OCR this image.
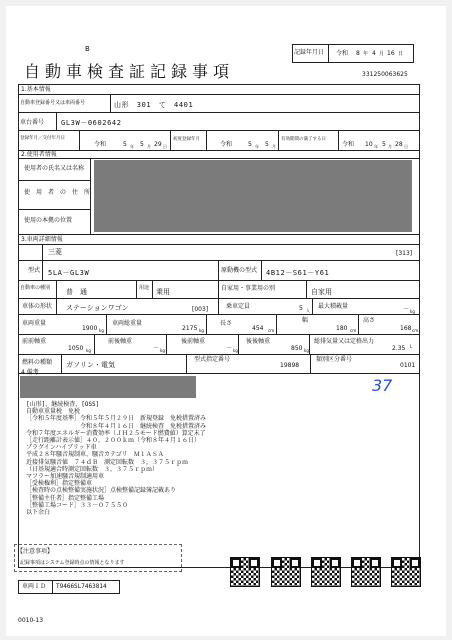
B
自動車検査証記録事項
記録年月日 令和 8 年 4 月 16 日
331250063625
1.基本情報
自動車登録番号又は車両番号	山形　301　て　4401
車台番号 GL3W－0602642
登録年月／交付年月日
令和	5 年 5 月 29 日
初度登録年月
令和	5 年 5 月
有効期間の満了する日
令和 10 年 5 月 28 日
2.使用者情報
使用者の氏名又は名称
使　用　者　の　住　所
使用の本拠の位置
3.車両詳細情報
三菱	[313]
型式 5LA－GL3W	原動機の型式 4B12－S61－Y61
自動車の種別 普　通	用途 乗用	自家用・事業用の別	自家用
車体の形状 ステーションワゴン	[003]	乗車定員	5 人
最大積載量	－ kg
車両重量
1900 kg
車両総重量
2175 kg
長さ
454 cm
幅
180 cm
高さ
168 cm
前前軸重
1050 kg
前後軸重
－ kg
後前軸重
－ kg
後後軸重
850 kg
総排気量又は定格出力
2.35 L
燃料の種類 ガソリン・電気
型式指定番号
19898
類別区分番号
0101
4.備考
37
[山形]、継続検査、[OSS]
自動車重量税　免税
［令和５年度基準］令和５年５月２９日　新規登録　免税措置済み
　　　　　　　　　令和８年４月１６日　継続検査　免税措置済み
令和７年度エネルギー消費効率（ＪＨ２５モード燃費値）算定未了
［走行距離計表示値］４０，２００ｋｍ（令和８年４月１６日）
プラグインハイブリッド車
平成２８年騒音規制車、騒音カテゴリ　Ｍ１ＡＳＡ
近接排気騒音値　７４ｄＢ　測定回転数　３，３７５ｒｐｍ
（日基規適合時測定回転数　３，３７５ｒｐｍ）
マフラー加速騒音規制適用車
［受検権利］指定整備車
［検査時の点検整備実施状況］点検整備記録簿記載あり
［整備主任者］指定整備工場
［整備工場コード］３３－０７５５０
以下余白
【注意事項】
記録事項はシステム登録時点の情報となります
車両ＩＤ T9466SL7463814
0010-13
